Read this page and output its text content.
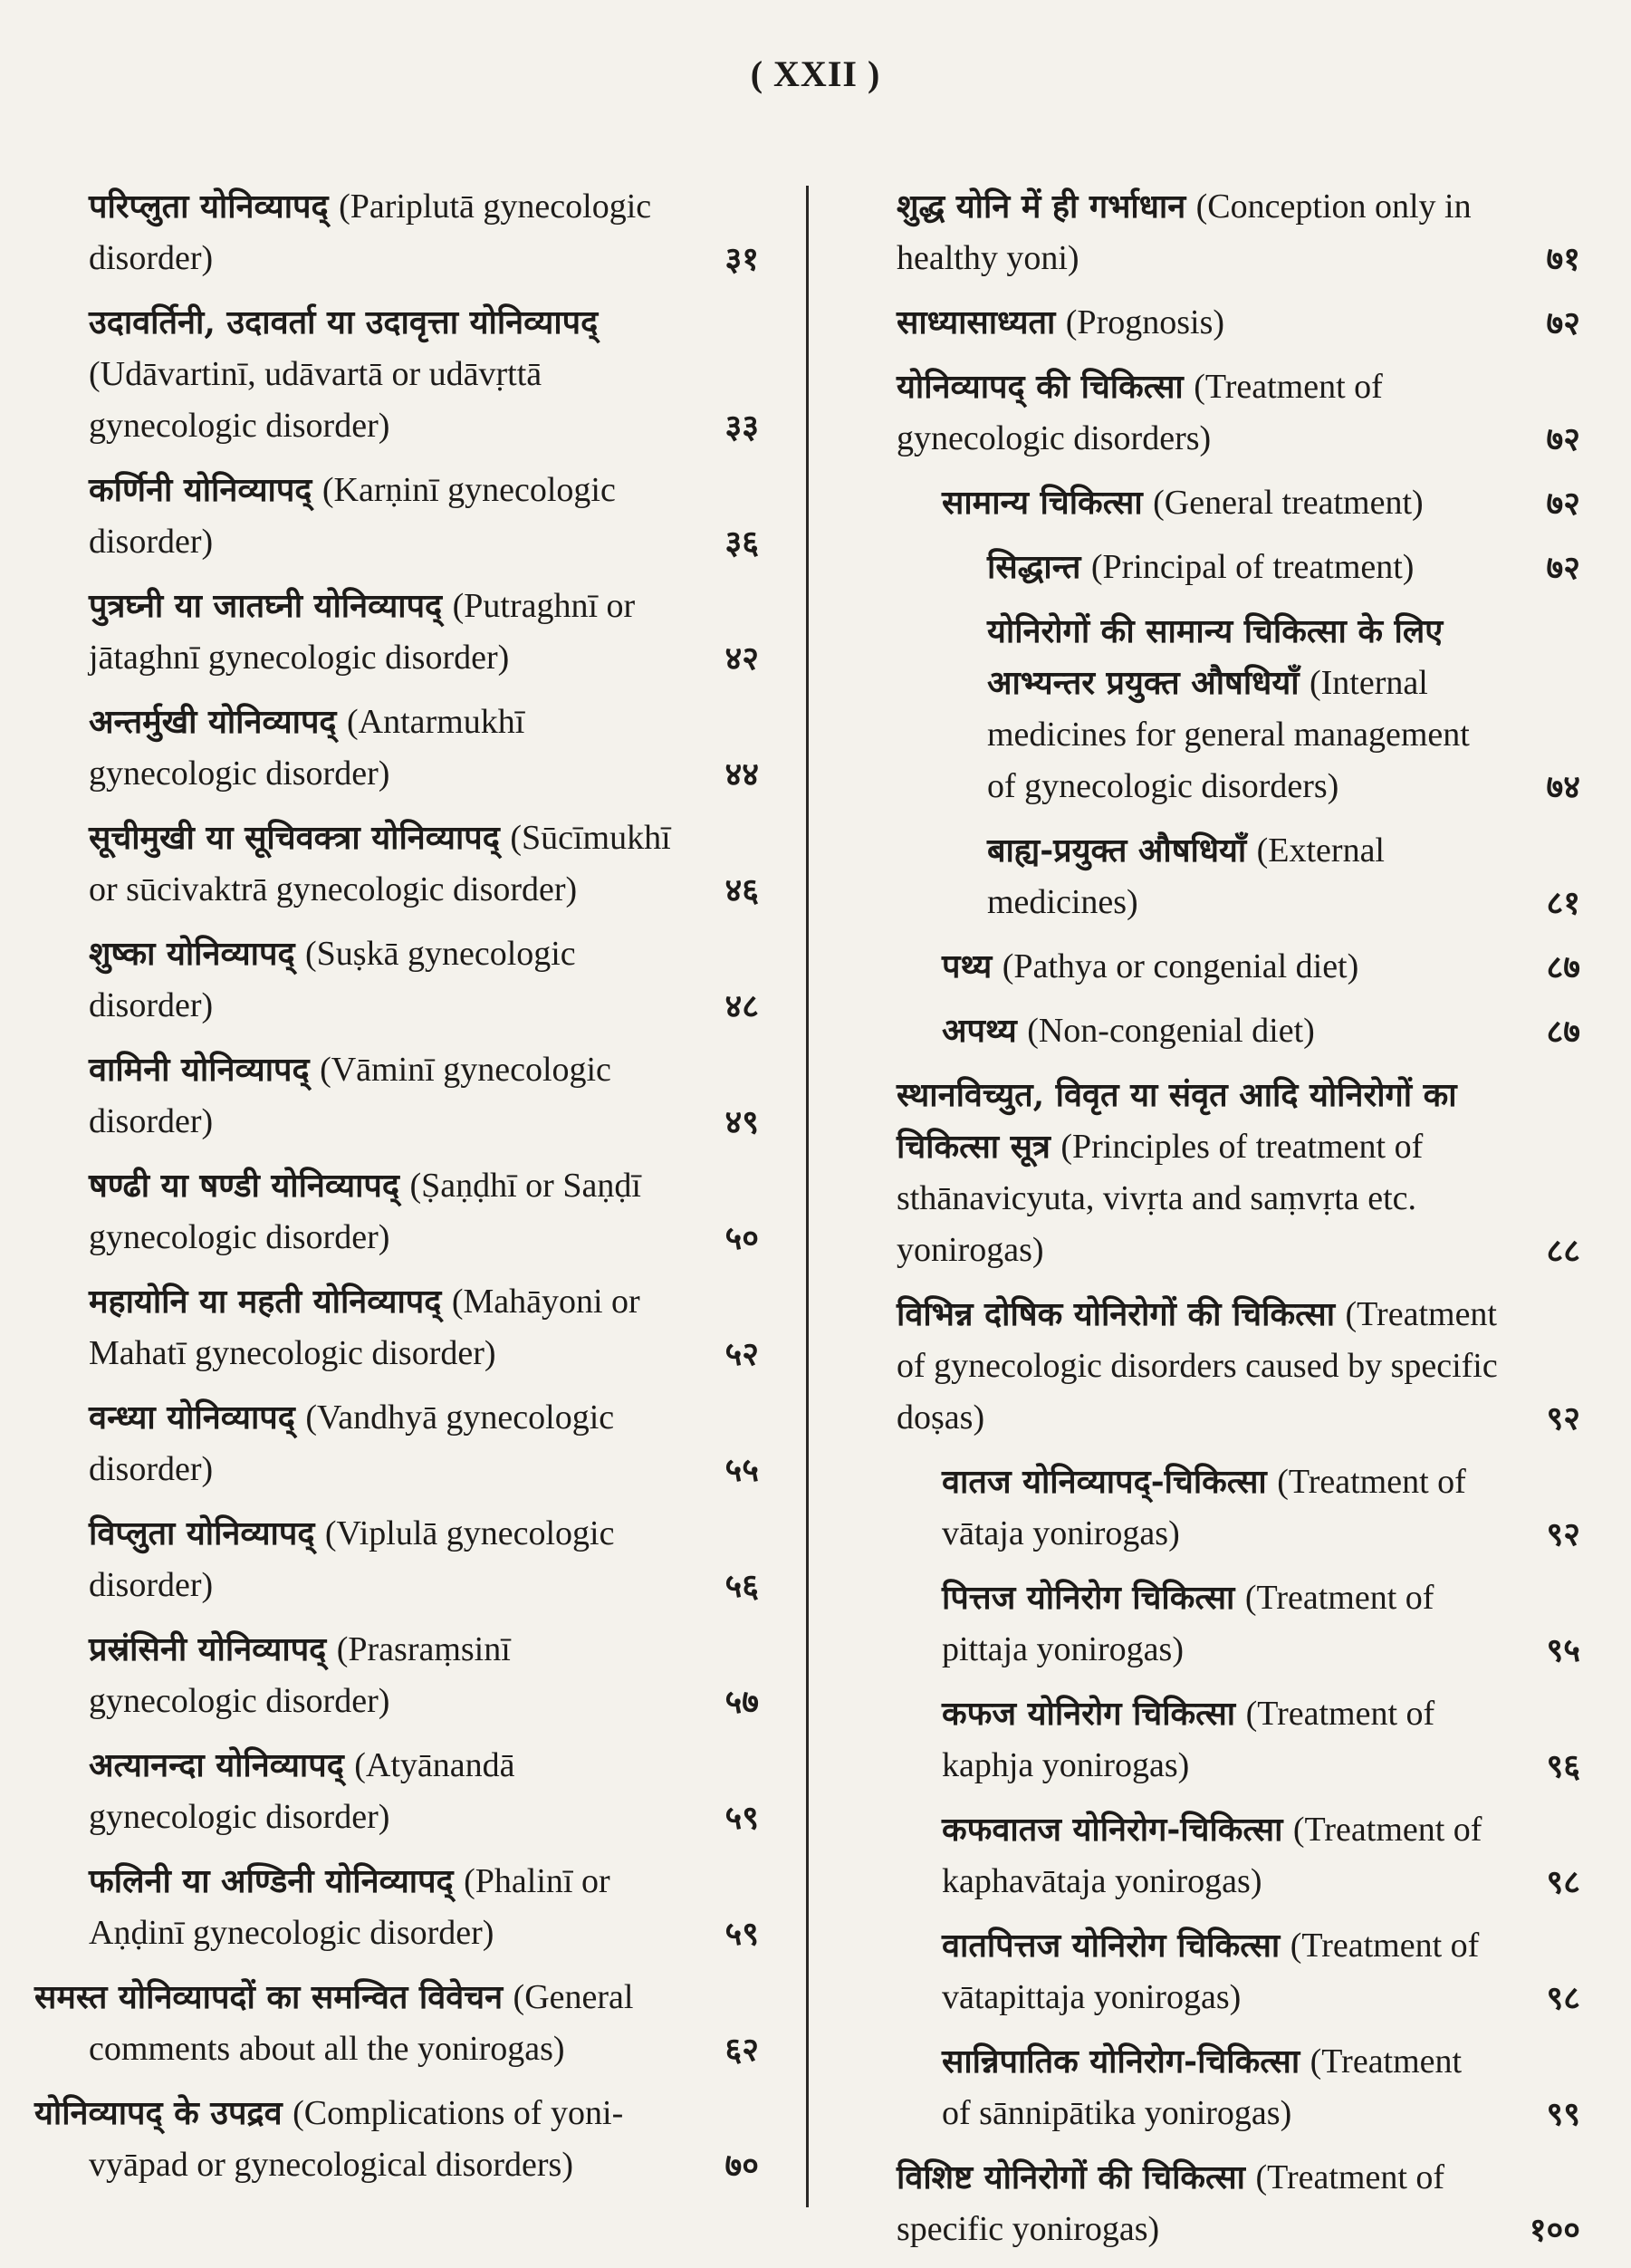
( XXII )
परिप्लुता योनिव्यापद् (Pariplutā gynecologic disorder)	३१
उदावर्तिनी, उदावर्ता या उदावृत्ता योनिव्यापद् (Udāvartinī, udāvartā or udāvṛttā gynecologic disorder)	३३
कर्णिनी योनिव्यापद् (Karṇinī gynecologic disorder)	३६
पुत्रघ्नी या जातघ्नी योनिव्यापद् (Putraghnī or jātaghnī gynecologic disorder)	४२
अन्तर्मुखी योनिव्यापद् (Antarmukhī gynecologic disorder)	४४
सूचीमुखी या सूचिवक्त्रा योनिव्यापद् (Sūcīmukhī or sūcivaktrā gynecologic disorder)	४६
शुष्का योनिव्यापद् (Suṣkā gynecologic disorder)	४८
वामिनी योनिव्यापद् (Vāminī gynecologic disorder)	४९
षण्ढी या षण्डी योनिव्यापद् (Ṣaṇḍhī or Saṇḍī gynecologic disorder)	५०
महायोनि या महती योनिव्यापद् (Mahāyoni or Mahatī gynecologic disorder)	५२
वन्ध्या योनिव्यापद् (Vandhyā gynecologic disorder)	५५
विप्लुता योनिव्यापद् (Viplulā gynecologic disorder)	५६
प्रस्रंसिनी योनिव्यापद् (Prasraṃsinī gynecologic disorder)	५७
अत्यानन्दा योनिव्यापद् (Atyānandā gynecologic disorder)	५९
फलिनी या अण्डिनी योनिव्यापद् (Phalinī or Aṇḍinī gynecologic disorder)	५९
समस्त योनिव्यापदों का समन्वित विवेचन (General comments about all the yonirogas)	६२
योनिव्यापद् के उपद्रव (Complications of yoni-vyāpad or gynecological disorders)	७०
शुद्ध योनि में ही गर्भाधान (Conception only in healthy yoni)	७१
साध्यासाध्यता (Prognosis)	७२
योनिव्यापद् की चिकित्सा (Treatment of gynecologic disorders)	७२
सामान्य चिकित्सा (General treatment)	७२
सिद्धान्त (Principal of treatment)	७२
योनिरोगों की सामान्य चिकित्सा के लिए आभ्यन्तर प्रयुक्त औषधियाँ (Internal medicines for general management of gynecologic disorders)	७४
बाह्य-प्रयुक्त औषधियाँ (External medicines)	८१
पथ्य (Pathya or congenial diet)	८७
अपथ्य (Non-congenial diet)	८७
स्थानविच्युत, विवृत या संवृत आदि योनिरोगों का चिकित्सा सूत्र (Principles of treatment of sthānavicyuta, vivṛta and saṃvṛta etc. yonirogas)	८८
विभिन्न दोषिक योनिरोगों की चिकित्सा (Treatment of gynecologic disorders caused by specific doṣas)	९२
वातज योनिव्यापद्-चिकित्सा (Treatment of vātaja yonirogas)	९२
पित्तज योनिरोग चिकित्सा (Treatment of pittaja yonirogas)	९५
कफज योनिरोग चिकित्सा (Treatment of kaphja yonirogas)	९६
कफवातज योनिरोग-चिकित्सा (Treatment of kaphavātaja yonirogas)	९८
वातपित्तज योनिरोग चिकित्सा (Treatment of vātapittaja yonirogas)	९८
सान्निपातिक योनिरोग-चिकित्सा (Treatment of sānnipātika yonirogas)	९९
विशिष्ट योनिरोगों की चिकित्सा (Treatment of specific yonirogas)	१००
